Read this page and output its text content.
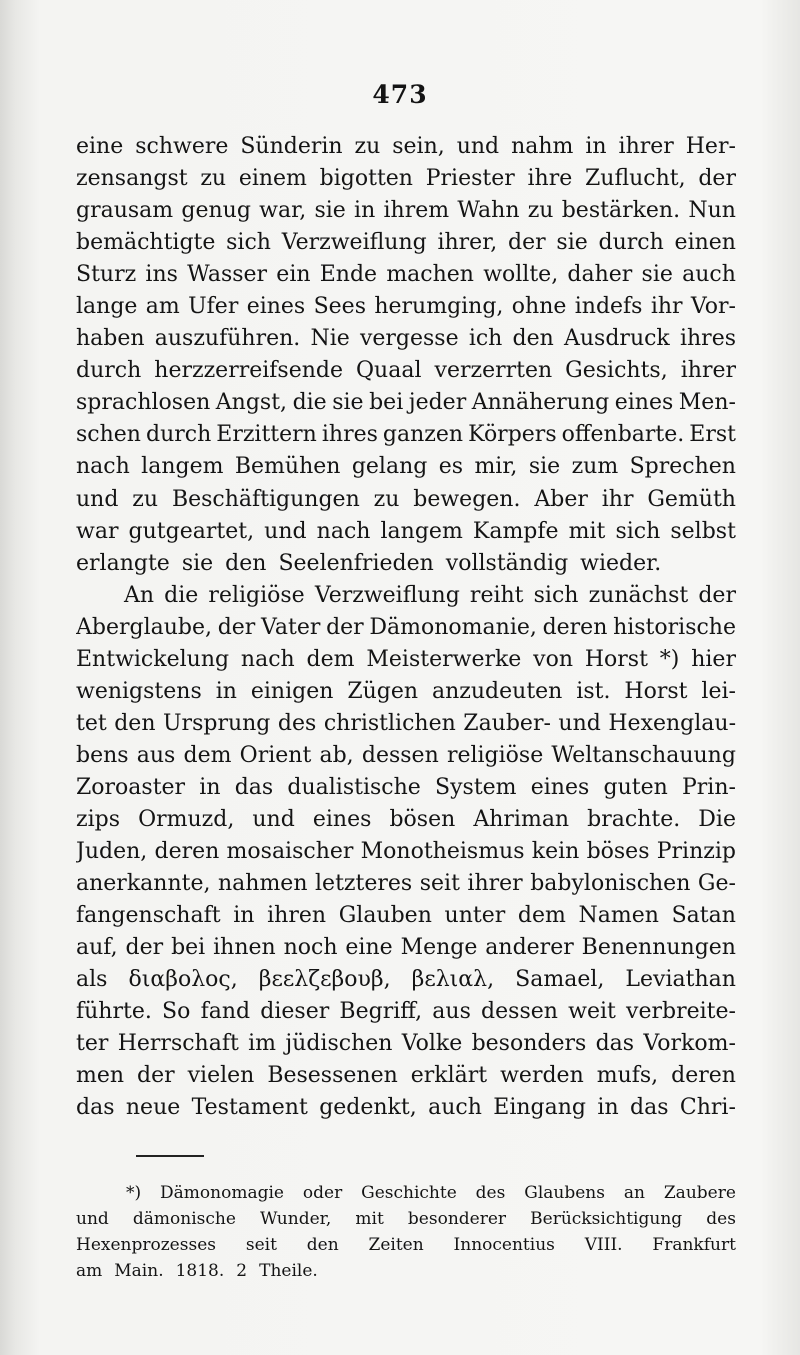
473
eine schwere Sünderin zu sein, und nahm in ihrer Her-
zensangst zu einem bigotten Priester ihre Zuflucht, der
grausam genug war, sie in ihrem Wahn zu bestärken. Nun
bemächtigte sich Verzweiflung ihrer, der sie durch einen
Sturz ins Wasser ein Ende machen wollte, daher sie auch
lange am Ufer eines Sees herumging, ohne indefs ihr Vor-
haben auszuführen. Nie vergesse ich den Ausdruck ihres
durch herzzerreifsende Quaal verzerrten Gesichts, ihrer
sprachlosen Angst, die sie bei jeder Annäherung eines Men-
schen durch Erzittern ihres ganzen Körpers offenbarte. Erst
nach langem Bemühen gelang es mir, sie zum Sprechen
und zu Beschäftigungen zu bewegen. Aber ihr Gemüth
war gutgeartet, und nach langem Kampfe mit sich selbst
erlangte sie den Seelenfrieden vollständig wieder.
An die religiöse Verzweiflung reiht sich zunächst der
Aberglaube, der Vater der Dämonomanie, deren historische
Entwickelung nach dem Meisterwerke von Horst *) hier
wenigstens in einigen Zügen anzudeuten ist. Horst lei-
tet den Ursprung des christlichen Zauber- und Hexenglau-
bens aus dem Orient ab, dessen religiöse Weltanschauung
Zoroaster in das dualistische System eines guten Prin-
zips Ormuzd, und eines bösen Ahriman brachte. Die
Juden, deren mosaischer Monotheismus kein böses Prinzip
anerkannte, nahmen letzteres seit ihrer babylonischen Ge-
fangenschaft in ihren Glauben unter dem Namen Satan
auf, der bei ihnen noch eine Menge anderer Benennungen
als διαβολος, βεελζεβουβ, βελιαλ, Samael, Leviathan
führte. So fand dieser Begriff, aus dessen weit verbreite-
ter Herrschaft im jüdischen Volke besonders das Vorkom-
men der vielen Besessenen erklärt werden mufs, deren
das neue Testament gedenkt, auch Eingang in das Chri-
*) Dämonomagie oder Geschichte des Glaubens an Zaubere
und dämonische Wunder, mit besonderer Berücksichtigung des
Hexenprozesses seit den Zeiten Innocentius VIII. Frankfurt
am Main. 1818. 2 Theile.
